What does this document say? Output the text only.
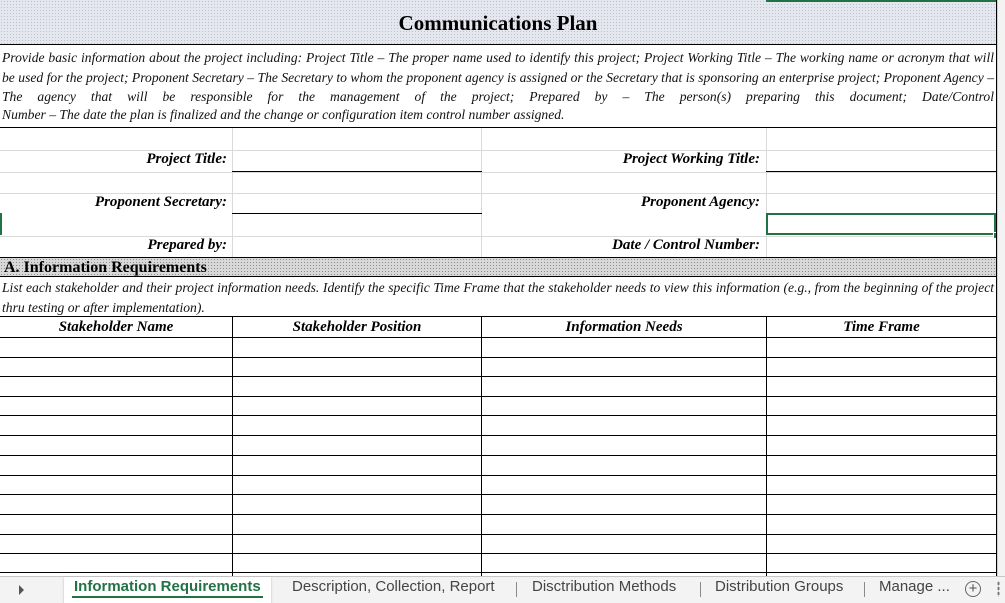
Communications Plan
Provide basic information about the project including: Project Title – The proper name used to identify this project; Project Working Title – The working name or acronym that will be used for the project; Proponent Secretary – The Secretary to whom the proponent agency is assigned or the Secretary that is sponsoring an enterprise project; Proponent Agency – The agency that will be responsible for the management of the project; Prepared by – The person(s) preparing this document; Date/Control
Number – The date the plan is finalized and the change or configuration item control number assigned.
Project Title:	Project Working Title:
Proponent Secretary:	Proponent Agency:
Prepared by:	Date / Control Number:
A. Information Requirements
List each stakeholder and their project information needs. Identify the specific Time Frame that the stakeholder needs to view this information (e.g., from the beginning of the project thru testing or after implementation).
Stakeholder Name	Stakeholder Position	Information Needs	Time Frame
Information Requirements	Description, Collection, Report Disctribution Methods	Distribution Groups Manage ... +
